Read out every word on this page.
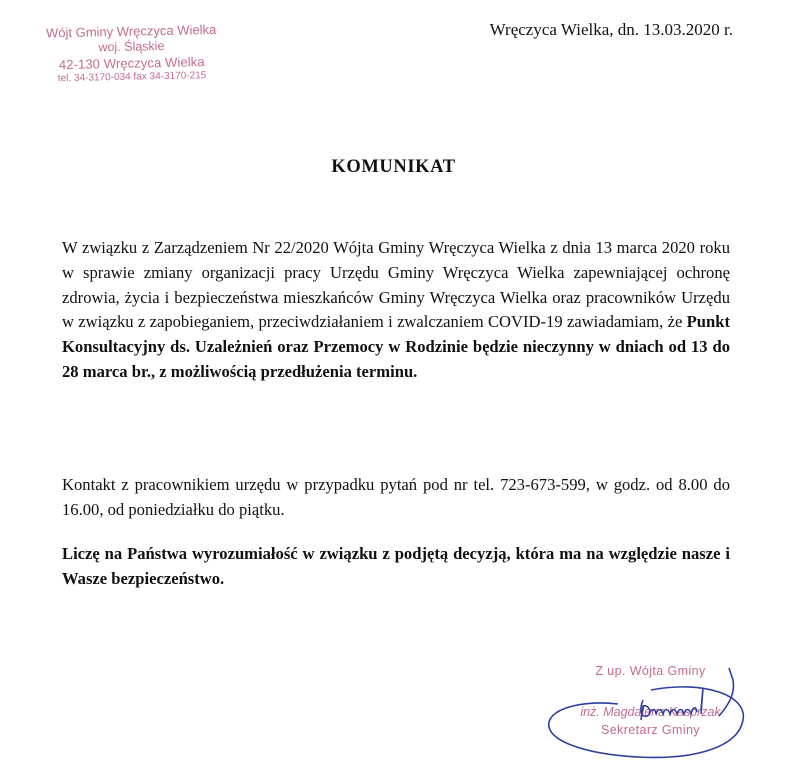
Wójt Gminy Wręczyca Wielka
woj. Śląskie
42-130 Wręczyca Wielka
tel. 34-3170-034 fax 34-3170-215
Wręczyca Wielka, dn. 13.03.2020 r.
KOMUNIKAT
W związku z Zarządzeniem Nr 22/2020 Wójta Gminy Wręczyca Wielka z dnia 13 marca 2020 roku w sprawie zmiany organizacji pracy Urzędu Gminy Wręczyca Wielka zapewniającej ochronę zdrowia, życia i bezpieczeństwa mieszkańców Gminy Wręczyca Wielka oraz pracowników Urzędu w związku z zapobieganiem, przeciwdziałaniem i zwalczaniem COVID-19 zawiadamiam, że Punkt Konsultacyjny ds. Uzależnień oraz Przemocy w Rodzinie będzie nieczynny w dniach od 13 do 28 marca br., z możliwością przedłużenia terminu.
Kontakt z pracownikiem urzędu w przypadku pytań pod nr tel. 723-673-599, w godz. od 8.00 do 16.00, od poniedziałku do piątku.
Liczę na Państwa wyrozumiałość w związku z podjętą decyzją, która ma na względzie nasze i Wasze bezpieczeństwo.
Z up. Wójta Gminy
inż. Magdalena Kasprzak
Sekretarz Gminy
